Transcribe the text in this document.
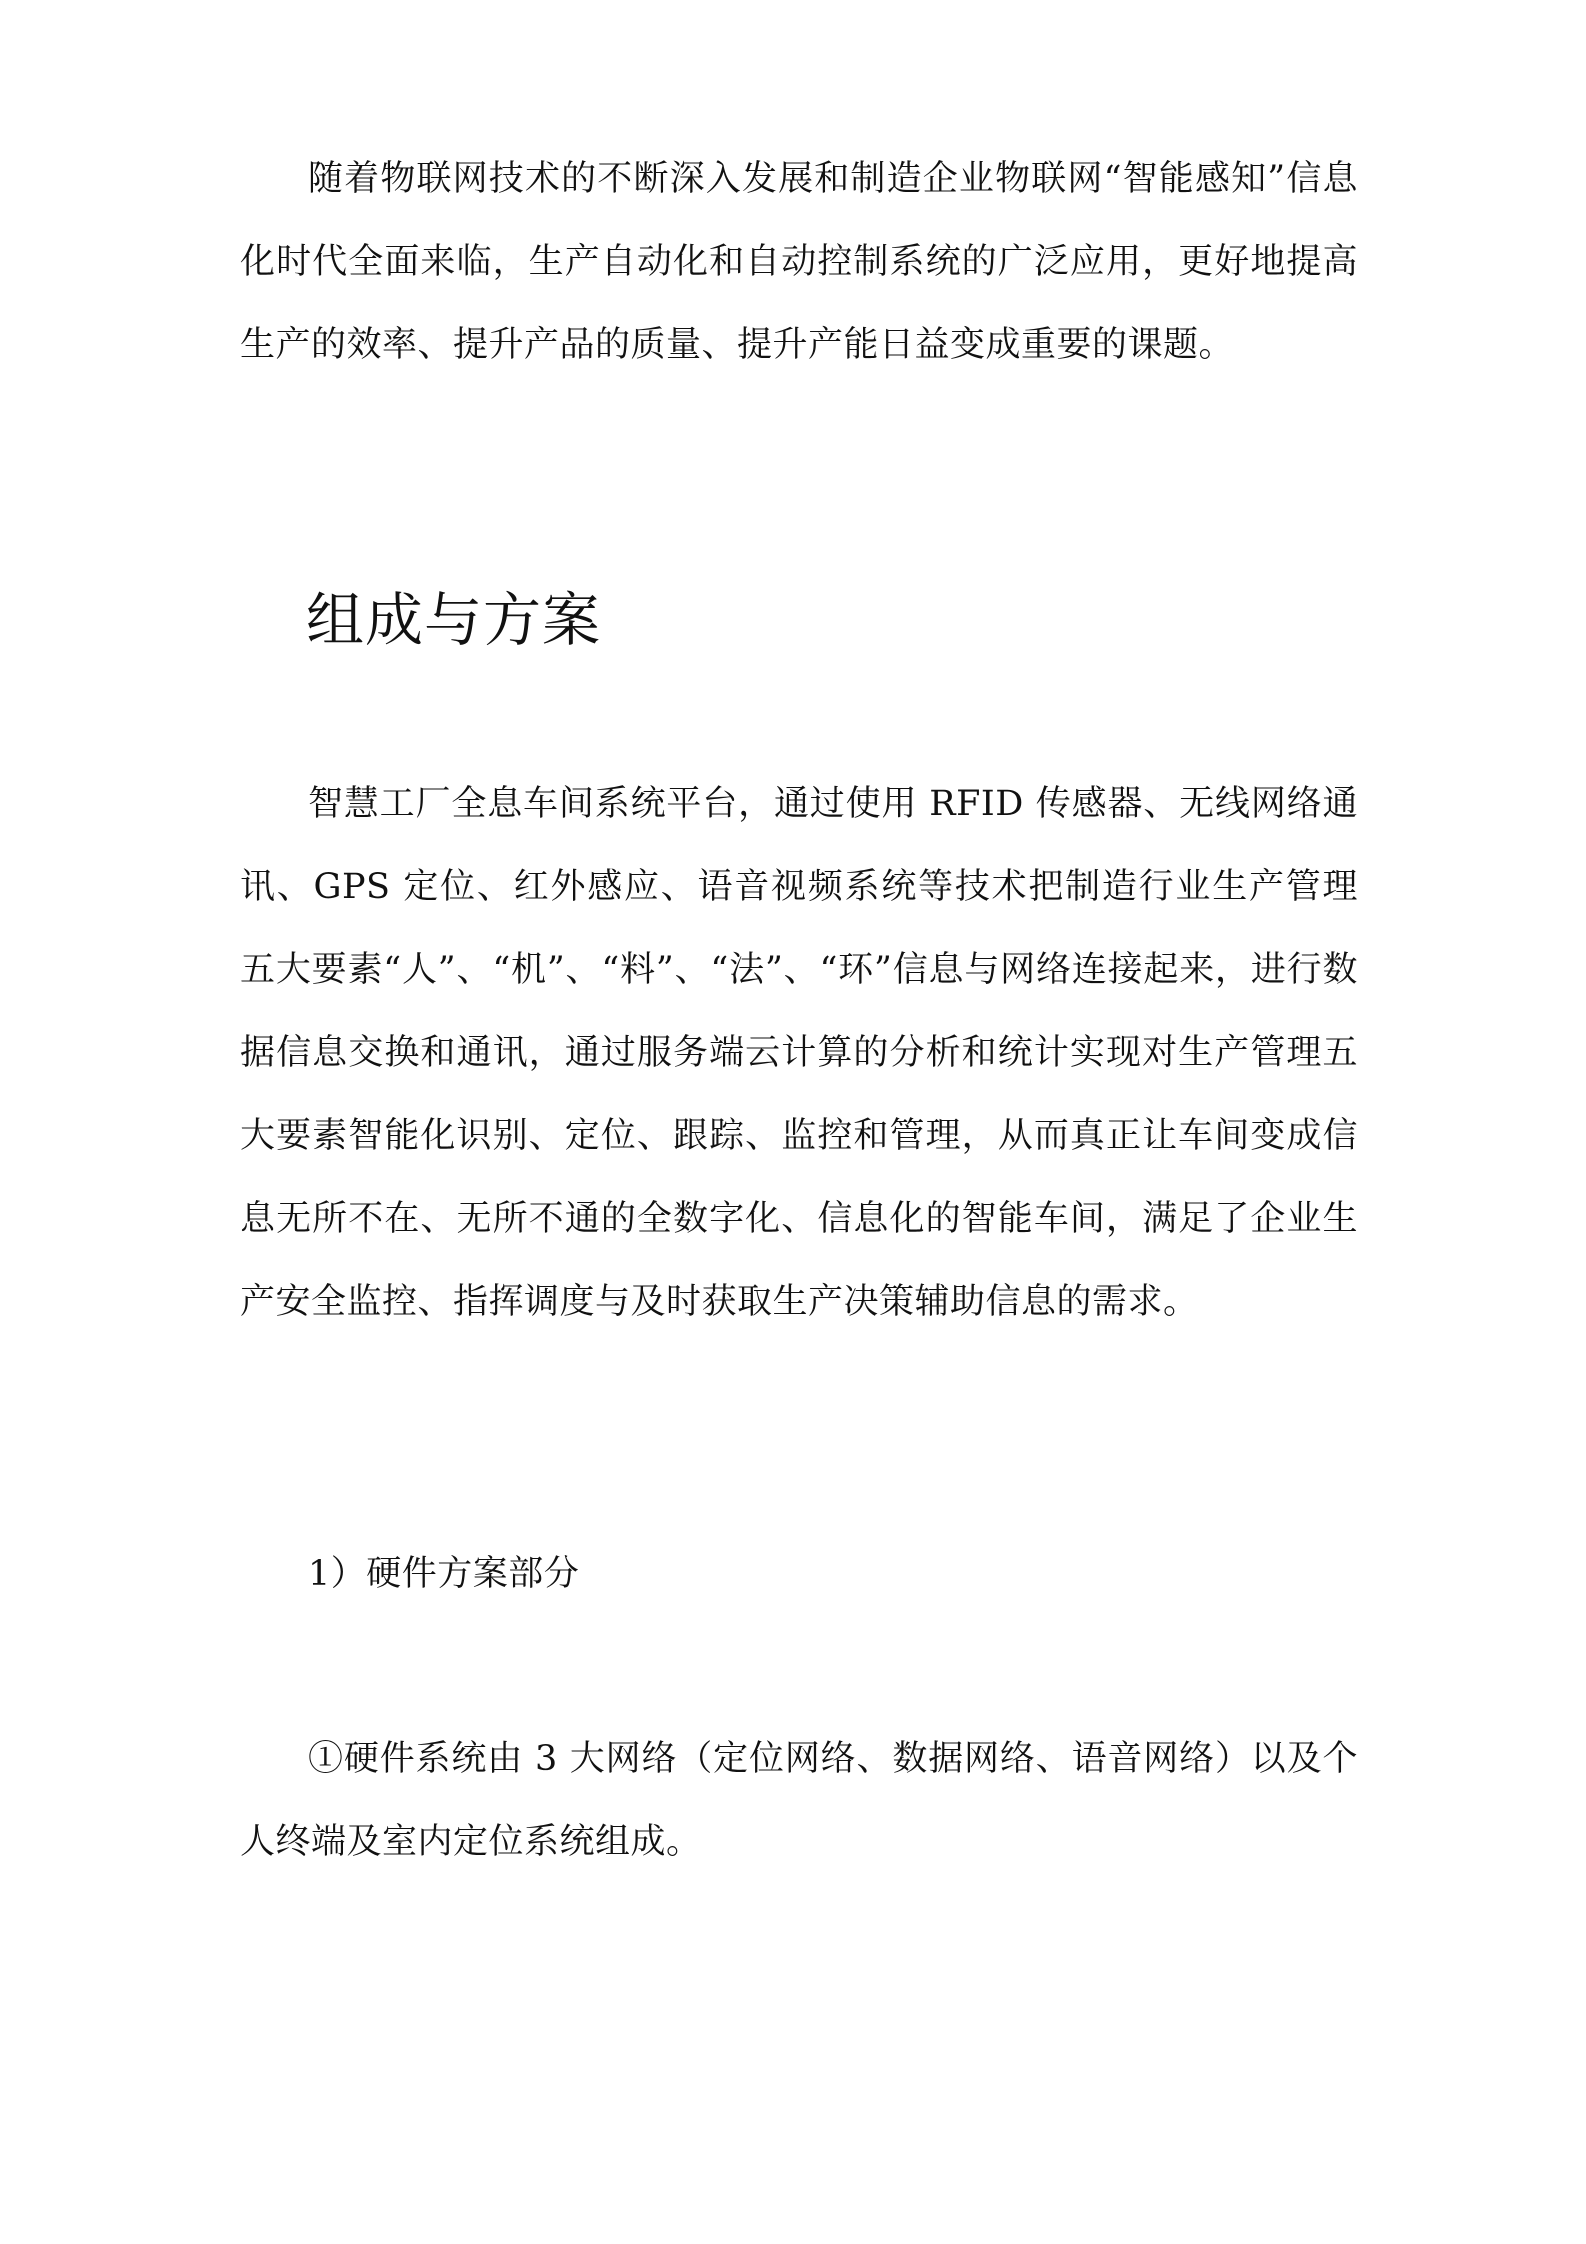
随着物联网技术的不断深入发展和制造企业物联网“智能感知”信息化时代全面来临，生产自动化和自动控制系统的广泛应用，更好地提高生产的效率、提升产品的质量、提升产能日益变成重要的课题。

组成与方案

智慧工厂全息车间系统平台，通过使用 RFID 传感器、无线网络通讯、GPS 定位、红外感应、语音视频系统等技术把制造行业生产管理五大要素“人”、“机”、“料”、“法”、“环”信息与网络连接起来，进行数据信息交换和通讯，通过服务端云计算的分析和统计实现对生产管理五大要素智能化识别、定位、跟踪、监控和管理，从而真正让车间变成信息无所不在、无所不通的全数字化、信息化的智能车间，满足了企业生产安全监控、指挥调度与及时获取生产决策辅助信息的需求。

1）硬件方案部分

①硬件系统由 3 大网络（定位网络、数据网络、语音网络）以及个人终端及室内定位系统组成。
